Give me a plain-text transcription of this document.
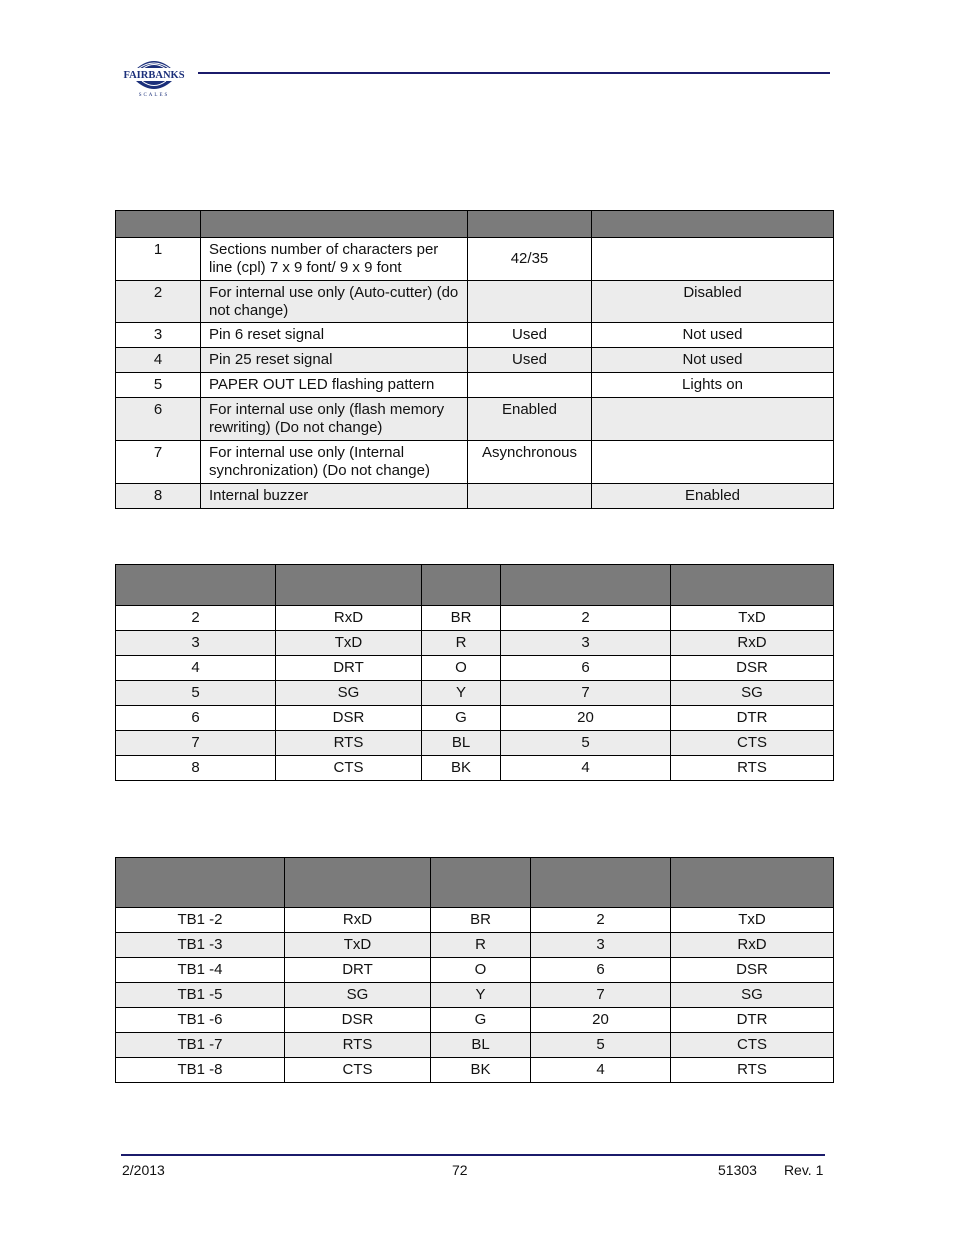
FAIRBANKS
SCALES

1	Sections number of characters per line (cpl) 7 x 9 font/ 9 x 9 font	42/35	
2	For internal use only (Auto-cutter) (do not change)		Disabled
3	Pin 6 reset signal	Used	Not used
4	Pin 25 reset signal	Used	Not used
5	PAPER OUT LED flashing pattern		Lights on
6	For internal use only (flash memory rewriting) (Do not change)	Enabled	
7	For internal use only (Internal synchronization) (Do not change)	Asynchronous	
8	Internal buzzer		Enabled

2	RxD	BR	2	TxD
3	TxD	R	3	RxD
4	DRT	O	6	DSR
5	SG	Y	7	SG
6	DSR	G	20	DTR
7	RTS	BL	5	CTS
8	CTS	BK	4	RTS

TB1 -2	RxD	BR	2	TxD
TB1 -3	TxD	R	3	RxD
TB1 -4	DRT	O	6	DSR
TB1 -5	SG	Y	7	SG
TB1 -6	DSR	G	20	DTR
TB1 -7	RTS	BL	5	CTS
TB1 -8	CTS	BK	4	RTS
2/2013	72	51303 Rev. 1
